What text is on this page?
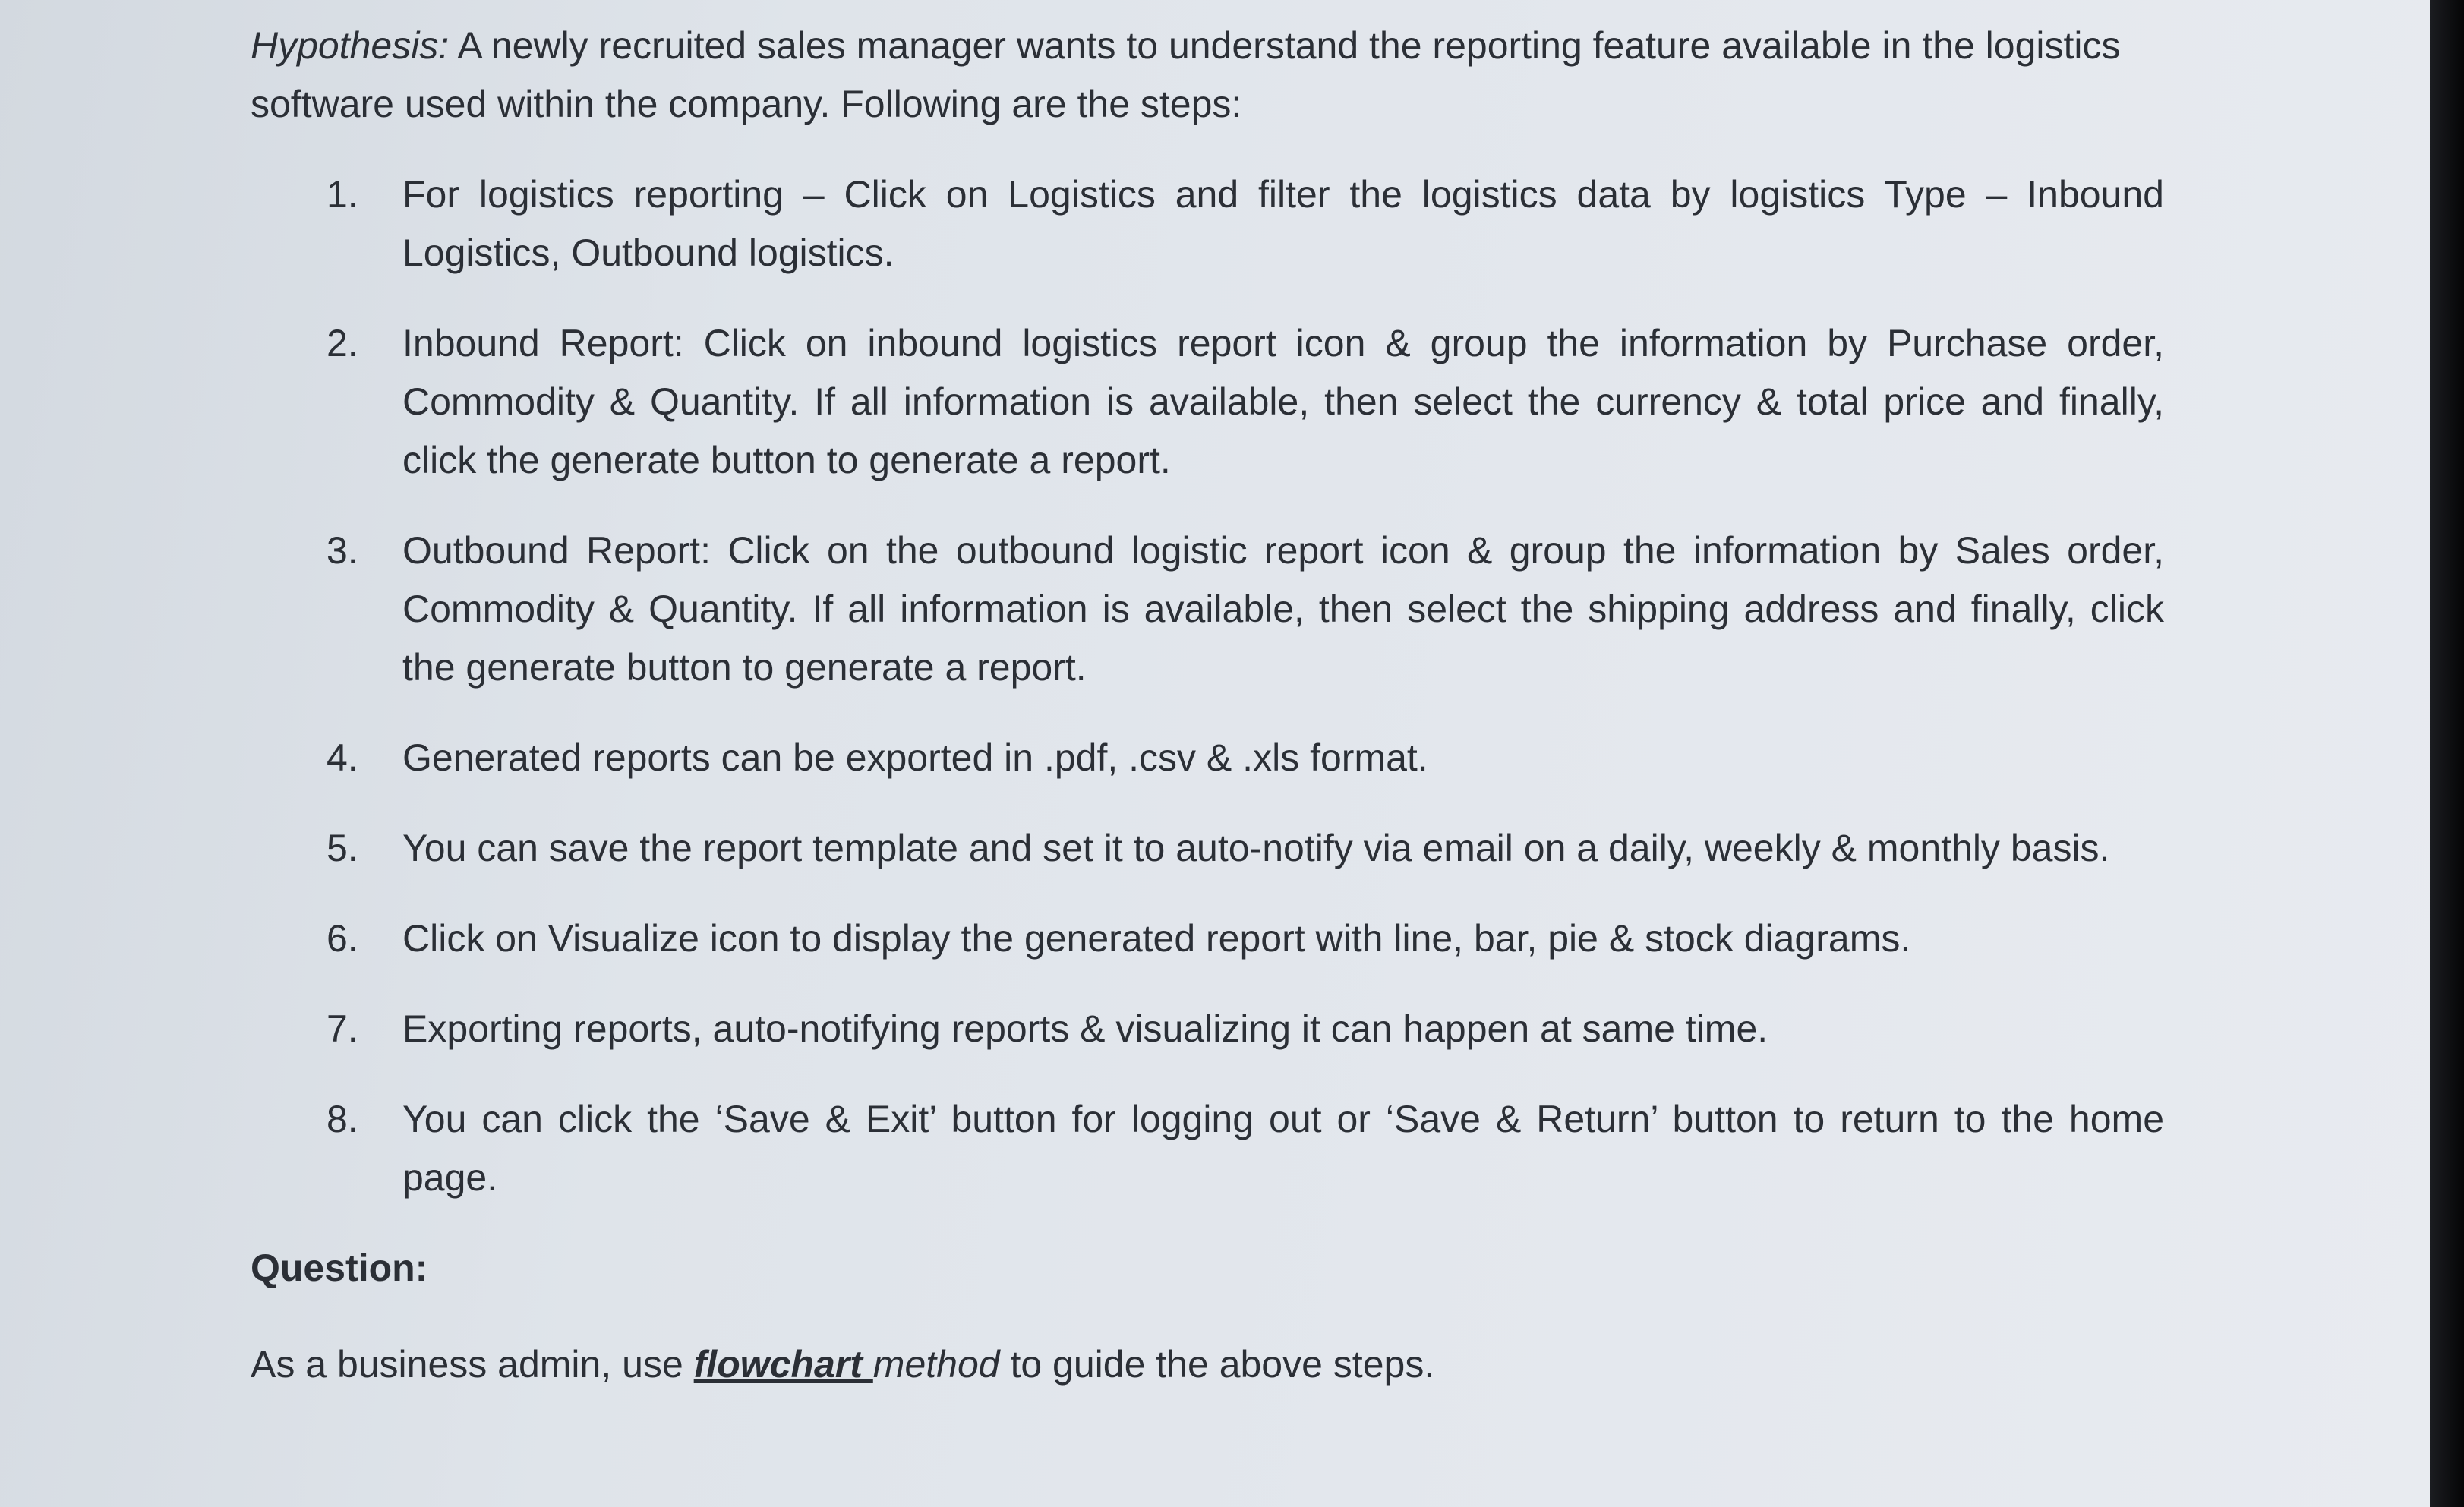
Hypothesis: A newly recruited sales manager wants to understand the reporting feature available in the logistics software used within the company. Following are the steps:

1. For logistics reporting – Click on Logistics and filter the logistics data by logistics Type – Inbound Logistics, Outbound logistics.
2. Inbound Report: Click on inbound logistics report icon & group the information by Purchase order, Commodity & Quantity. If all information is available, then select the currency & total price and finally, click the generate button to generate a report.
3. Outbound Report: Click on the outbound logistic report icon & group the information by Sales order, Commodity & Quantity. If all information is available, then select the shipping address and finally, click the generate button to generate a report.
4. Generated reports can be exported in .pdf, .csv & .xls format.
5. You can save the report template and set it to auto-notify via email on a daily, weekly & monthly basis.
6. Click on Visualize icon to display the generated report with line, bar, pie & stock diagrams.
7. Exporting reports, auto-notifying reports & visualizing it can happen at same time.
8. You can click the ‘Save & Exit’ button for logging out or ‘Save & Return’ button to return to the home page.

Question:

As a business admin, use flowchart method to guide the above steps.
